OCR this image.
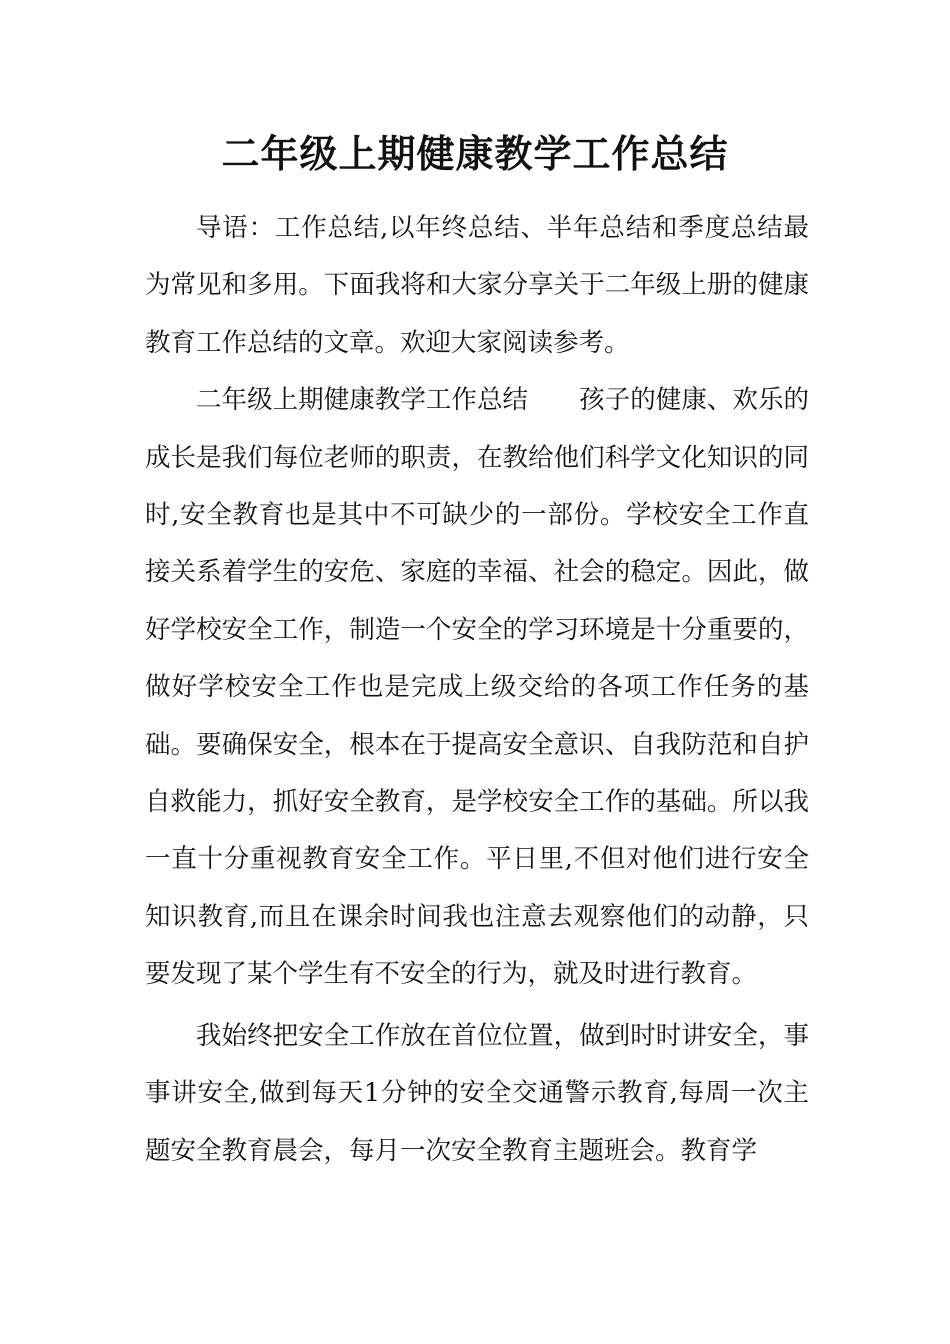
二年级上期健康教学工作总结

导语：工作总结,以年终总结、半年总结和季度总结最为常见和多用。下面我将和大家分享关于二年级上册的健康教育工作总结的文章。欢迎大家阅读参考。

二年级上期健康教学工作总结　　孩子的健康、欢乐的成长是我们每位老师的职责，在教给他们科学文化知识的同时,安全教育也是其中不可缺少的一部份。学校安全工作直接关系着学生的安危、家庭的幸福、社会的稳定。因此，做好学校安全工作，制造一个安全的学习环境是十分重要的，做好学校安全工作也是完成上级交给的各项工作任务的基础。要确保安全，根本在于提高安全意识、自我防范和自护自救能力，抓好安全教育，是学校安全工作的基础。所以我一直十分重视教育安全工作。平日里,不但对他们进行安全知识教育,而且在课余时间我也注意去观察他们的动静，只要发现了某个学生有不安全的行为，就及时进行教育。

我始终把安全工作放在首位位置，做到时时讲安全，事事讲安全,做到每天1分钟的安全交通警示教育,每周一次主题安全教育晨会，每月一次安全教育主题班会。教育学
